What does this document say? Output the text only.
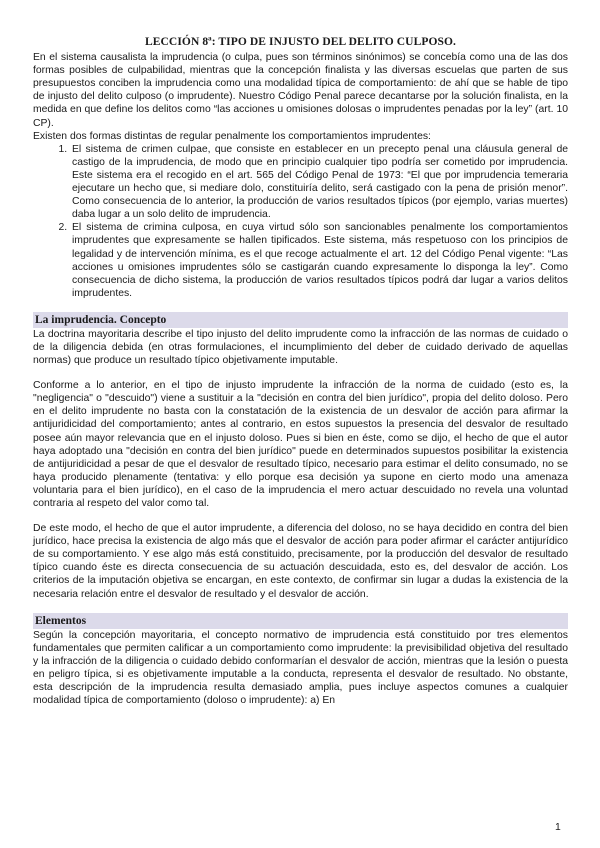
LECCIÓN 8ª: TIPO DE INJUSTO DEL DELITO CULPOSO.

En el sistema causalista la imprudencia (o culpa, pues son términos sinónimos) se concebía como una de las dos formas posibles de culpabilidad, mientras que la concepción finalista y las diversas escuelas que parten de sus presupuestos conciben la imprudencia como una modalidad típica de comportamiento: de ahí que se hable de tipo de injusto del delito culposo (o imprudente). Nuestro Código Penal parece decantarse por la solución finalista, en la medida en que define los delitos como “las acciones u omisiones dolosas o imprudentes penadas por la ley” (art. 10 CP).

Existen dos formas distintas de regular penalmente los comportamientos imprudentes:

1. El sistema de crimen culpae, que consiste en establecer en un precepto penal una cláusula general de castigo de la imprudencia, de modo que en principio cualquier tipo podría ser cometido por imprudencia. Este sistema era el recogido en el art. 565 del Código Penal de 1973: “El que por imprudencia temeraria ejecutare un hecho que, si mediare dolo, constituiría delito, será castigado con la pena de prisión menor”. Como consecuencia de lo anterior, la producción de varios resultados típicos (por ejemplo, varias muertes) daba lugar a un solo delito de imprudencia.
2. El sistema de crimina culposa, en cuya virtud sólo son sancionables penalmente los comportamientos imprudentes que expresamente se hallen tipificados. Este sistema, más respetuoso con los principios de legalidad y de intervención mínima, es el que recoge actualmente el art. 12 del Código Penal vigente: “Las acciones u omisiones imprudentes sólo se castigarán cuando expresamente lo disponga la ley”. Como consecuencia de dicho sistema, la producción de varios resultados típicos podrá dar lugar a varios delitos imprudentes.
La imprudencia. Concepto

La doctrina mayoritaria describe el tipo injusto del delito imprudente como la infracción de las normas de cuidado o de la diligencia debida (en otras formulaciones, el incumplimiento del deber de cuidado derivado de aquellas normas) que produce un resultado típico objetivamente imputable.

Conforme a lo anterior, en el tipo de injusto imprudente la infracción de la norma de cuidado (esto es, la "negligencia" o "descuido") viene a sustituir a la "decisión en contra del bien jurídico", propia del delito doloso. Pero en el delito imprudente no basta con la constatación de la existencia de un desvalor de acción para afirmar la antijuridicidad del comportamiento; antes al contrario, en estos supuestos la presencia del desvalor de resultado posee aún mayor relevancia que en el injusto doloso. Pues si bien en éste, como se dijo, el hecho de que el autor haya adoptado una "decisión en contra del bien jurídico" puede en determinados supuestos posibilitar la existencia de antijuridicidad a pesar de que el desvalor de resultado típico, necesario para estimar el delito consumado, no se haya producido plenamente (tentativa: y ello porque esa decisión ya supone en cierto modo una amenaza voluntaria para el bien jurídico), en el caso de la imprudencia el mero actuar descuidado no revela una voluntad contraria al respeto del valor como tal.

De este modo, el hecho de que el autor imprudente, a diferencia del doloso, no se haya decidido en contra del bien jurídico, hace precisa la existencia de algo más que el desvalor de acción para poder afirmar el carácter antijurídico de su comportamiento. Y ese algo más está constituido, precisamente, por la producción del desvalor de resultado típico cuando éste es directa consecuencia de su actuación descuidada, esto es, del desvalor de acción. Los criterios de la imputación objetiva se encargan, en este contexto, de confirmar sin lugar a dudas la existencia de la necesaria relación entre el desvalor de resultado y el desvalor de acción.

Elementos

Según la concepción mayoritaria, el concepto normativo de imprudencia está constituido por tres elementos fundamentales que permiten calificar a un comportamiento como imprudente: la previsibilidad objetiva del resultado y la infracción de la diligencia o cuidado debido conformarían el desvalor de acción, mientras que la lesión o puesta en peligro típica, si es objetivamente imputable a la conducta, representa el desvalor de resultado. No obstante, esta descripción de la imprudencia resulta demasiado amplia, pues incluye aspectos comunes a cualquier modalidad típica de comportamiento (doloso o imprudente): a) En

1
